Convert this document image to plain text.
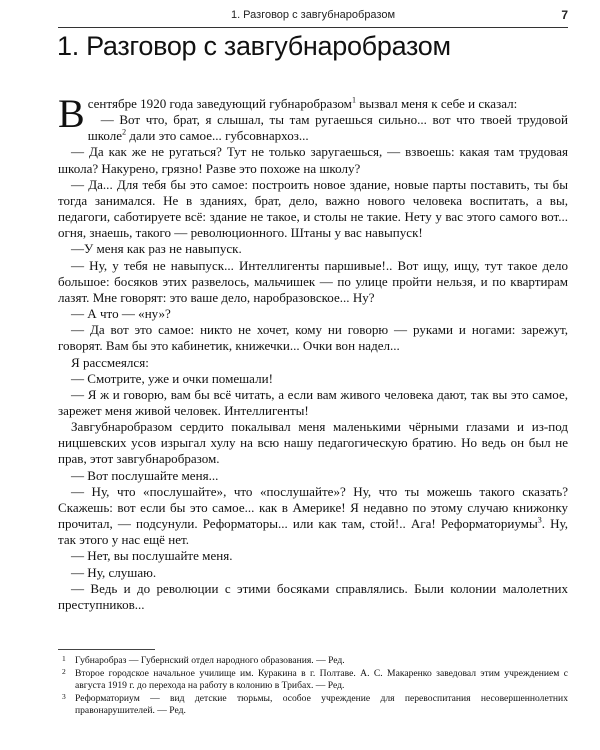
1. Разговор с завгубнаробразом	7
1. Разговор с завгубнаробразом

В сентябре 1920 года заведующий губнаробразом$^1$ вызвал меня к себе и сказал:

— Вот что, брат, я слышал, ты там ругаешься сильно... вот что твоей трудовой школе$^2$ дали это самое... губсовнархоз...

— Да как же не ругаться? Тут не только заругаешься, — взвоешь: какая там трудовая школа? Накурено, грязно! Разве это похоже на школу?

— Да... Для тебя бы это самое: построить новое здание, новые парты поставить, ты бы тогда занимался. Не в зданиях, брат, дело, важно нового человека воспитать, а вы, педагоги, саботируете всё: здание не такое, и столы не такие. Нету у вас этого самого вот... огня, знаешь, такого — революционного. Штаны у вас навыпуск!

—У меня как раз не навыпуск.

— Ну, у тебя не навыпуск... Интеллигенты паршивые!.. Вот ищу, ищу, тут такое дело большое: босяков этих развелось, мальчишек — по улице пройти нельзя, и по квартирам лазят. Мне говорят: это ваше дело, наробразовское... Ну?

— А что — «ну»?

— Да вот это самое: никто не хочет, кому ни говорю — руками и ногами: зарежут, говорят. Вам бы это кабинетик, книжечки... Очки вон надел...

Я рассмеялся:

— Смотрите, уже и очки помешали!

— Я ж и говорю, вам бы всё читать, а если вам живого человека дают, так вы это самое, зарежет меня живой человек. Интеллигенты!

Завгубнаробразом сердито покалывал меня маленькими чёрными глазами и из-под ницшевских усов изрыгал хулу на всю нашу педагогическую братию. Но ведь он был не прав, этот завгубнаробразом.

— Вот послушайте меня...

— Ну, что «послушайте», что «послушайте»? Ну, что ты можешь такого сказать? Скажешь: вот если бы это самое... как в Америке! Я недавно по этому случаю книжонку прочитал, — подсунули. Реформаторы... или как там, стой!.. Ага! Реформаториумы$^3$. Ну, так этого у нас ещё нет.

— Нет, вы послушайте меня.

— Ну, слушаю.

— Ведь и до революции с этими босяками справлялись. Были колонии малолетних преступников...

1 Губнаробраз — Губернский отдел народного образования. — Ред.
2 Второе городское начальное училище им. Куракина в г. Полтаве. А. С. Макаренко заведовал этим учреждением с августа 1919 г. до перехода на работу в колонию в Трибах. — Ред.
3 Реформаториум — вид детские тюрьмы, особое учреждение для перевоспитания несовершеннолетних правонарушителей. — Ред.
